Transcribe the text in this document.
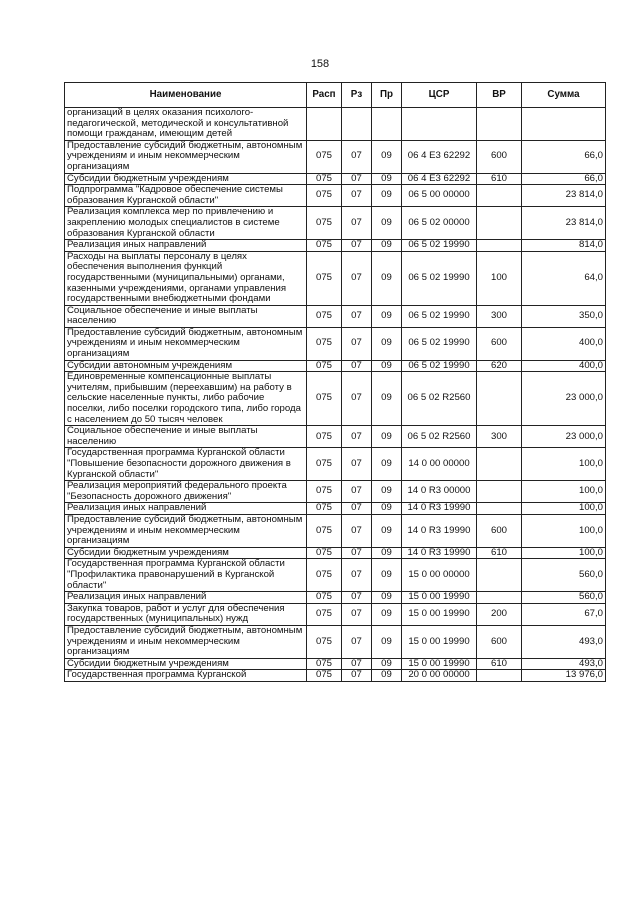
158
Наименование	Расп	Рз	Пр	ЦСР	ВР	Сумма
организаций в целях оказания психолого-педагогической, методической и консультативной помощи гражданам, имеющим детей						
Предоставление субсидий бюджетным, автономным учреждениям и иным некоммерческим организациям	075	07	09	06 4 E3 62292	600	66,0
Субсидии бюджетным учреждениям	075	07	09	06 4 E3 62292	610	66,0
Подпрограмма "Кадровое обеспечение системы образования Курганской области"	075	07	09	06 5 00 00000		23 814,0
Реализация комплекса мер по привлечению и закреплению молодых специалистов в системе образования Курганской области	075	07	09	06 5 02 00000		23 814,0
Реализация иных направлений	075	07	09	06 5 02 19990		814,0
Расходы на выплаты персоналу в целях обеспечения выполнения функций государственными (муниципальными) органами, казенными учреждениями, органами управления государственными внебюджетными фондами	075	07	09	06 5 02 19990	100	64,0
Социальное обеспечение и иные выплаты населению	075	07	09	06 5 02 19990	300	350,0
Предоставление субсидий бюджетным, автономным учреждениям и иным некоммерческим организациям	075	07	09	06 5 02 19990	600	400,0
Субсидии автономным учреждениям	075	07	09	06 5 02 19990	620	400,0
Единовременные компенсационные выплаты учителям, прибывшим (переехавшим) на работу в сельские населенные пункты, либо рабочие поселки, либо поселки городского типа, либо города с населением до 50 тысяч человек	075	07	09	06 5 02 R2560		23 000,0
Социальное обеспечение и иные выплаты населению	075	07	09	06 5 02 R2560	300	23 000,0
Государственная программа Курганской области "Повышение безопасности дорожного движения в Курганской области"	075	07	09	14 0 00 00000		100,0
Реализация мероприятий федерального проекта "Безопасность дорожного движения"	075	07	09	14 0 R3 00000		100,0
Реализация иных направлений	075	07	09	14 0 R3 19990		100,0
Предоставление субсидий бюджетным, автономным учреждениям и иным некоммерческим организациям	075	07	09	14 0 R3 19990	600	100,0
Субсидии бюджетным учреждениям	075	07	09	14 0 R3 19990	610	100,0
Государственная программа Курганской области "Профилактика правонарушений в Курганской области"	075	07	09	15 0 00 00000		560,0
Реализация иных направлений	075	07	09	15 0 00 19990		560,0
Закупка товаров, работ и услуг для обеспечения государственных (муниципальных) нужд	075	07	09	15 0 00 19990	200	67,0
Предоставление субсидий бюджетным, автономным учреждениям и иным некоммерческим организациям	075	07	09	15 0 00 19990	600	493,0
Субсидии бюджетным учреждениям	075	07	09	15 0 00 19990	610	493,0
Государственная программа Курганской	075	07	09	20 0 00 00000		13 976,0
